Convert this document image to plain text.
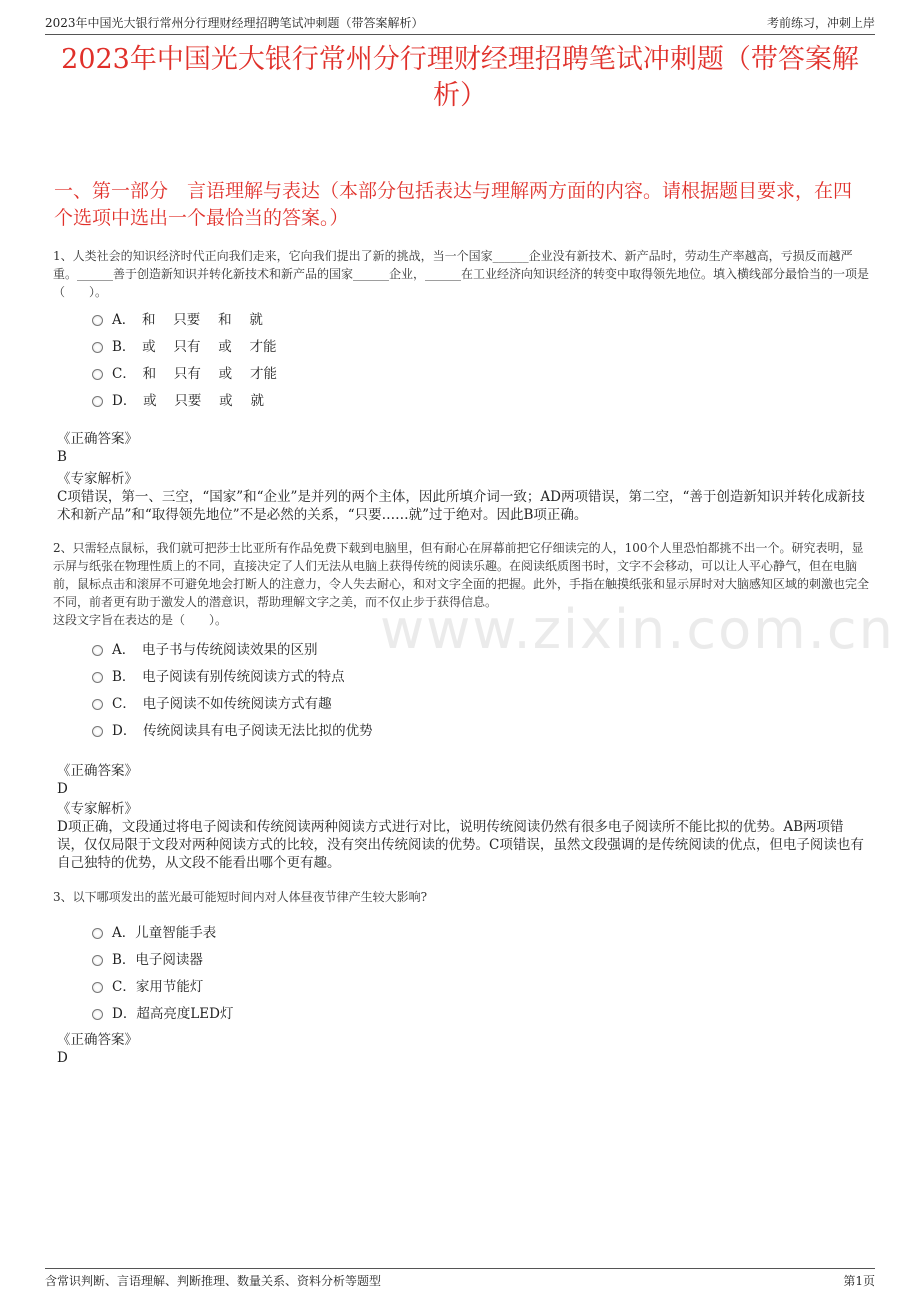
2023年中国光大银行常州分行理财经理招聘笔试冲刺题（带答案解析）	考前练习，冲刺上岸
2023年中国光大银行常州分行理财经理招聘笔试冲刺题（带答案解析）
一、第一部分　言语理解与表达（本部分包括表达与理解两方面的内容。请根据题目要求，在四个选项中选出一个最恰当的答案。）
1、人类社会的知识经济时代正向我们走来，它向我们提出了新的挑战，当一个国家______企业没有新技术、新产品时，劳动生产率越高，亏损反而越严重。______善于创造新知识并转化新技术和新产品的国家______企业，______在工业经济向知识经济的转变中取得领先地位。填入横线部分最恰当的一项是（　　）。
A．　和　 只要　 和　 就
B．　或　 只有　 或　 才能
C．　和　 只有　 或　 才能
D．　或　 只要　 或　 就
《正确答案》
B
《专家解析》
C项错误，第一、三空，“国家”和“企业”是并列的两个主体，因此所填介词一致；AD两项错误，第二空，“善于创造新知识并转化成新技术和新产品”和“取得领先地位”不是必然的关系，“只要……就”过于绝对。因此B项正确。
2、只需轻点鼠标，我们就可把莎士比亚所有作品免费下载到电脑里，但有耐心在屏幕前把它仔细读完的人，100个人里恐怕都挑不出一个。研究表明，显示屏与纸张在物理性质上的不同，直接决定了人们无法从电脑上获得传统的阅读乐趣。在阅读纸质图书时，文字不会移动，可以让人平心静气，但在电脑前，鼠标点击和滚屏不可避免地会打断人的注意力，令人失去耐心，和对文字全面的把握。此外，手指在触摸纸张和显示屏时对大脑感知区域的刺激也完全不同，前者更有助于激发人的潜意识，帮助理解文字之美，而不仅止步于获得信息。
这段文字旨在表达的是（　　）。
A．　电子书与传统阅读效果的区别
B．　电子阅读有别传统阅读方式的特点
C．　电子阅读不如传统阅读方式有趣
D．　传统阅读具有电子阅读无法比拟的优势
《正确答案》
D
《专家解析》
D项正确，文段通过将电子阅读和传统阅读两种阅读方式进行对比，说明传统阅读仍然有很多电子阅读所不能比拟的优势。AB两项错误，仅仅局限于文段对两种阅读方式的比较，没有突出传统阅读的优势。C项错误，虽然文段强调的是传统阅读的优点，但电子阅读也有自己独特的优势，从文段不能看出哪个更有趣。
3、以下哪项发出的蓝光最可能短时间内对人体昼夜节律产生较大影响?
A．儿童智能手表
B．电子阅读器
C．家用节能灯
D．超高亮度LED灯
《正确答案》
D
www.zixin.com.cn
含常识判断、言语理解、判断推理、数量关系、资料分析等题型	第1页
